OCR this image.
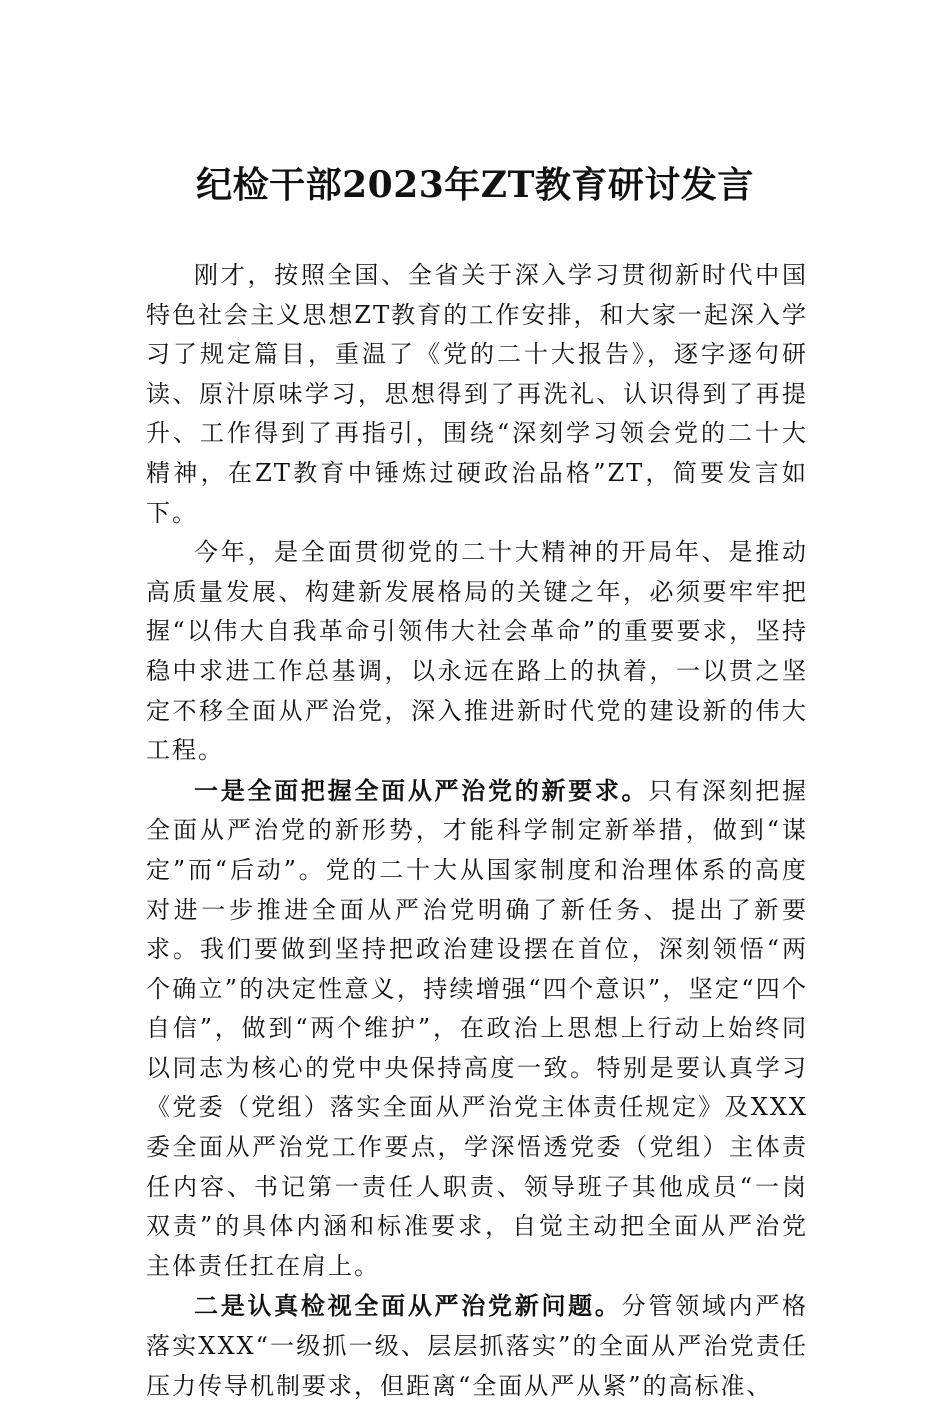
纪检干部2023年ZT教育研讨发言

刚才，按照全国、全省关于深入学习贯彻新时代中国特色社会主义思想ZT教育的工作安排，和大家一起深入学习了规定篇目，重温了《党的二十大报告》，逐字逐句研读、原汁原味学习，思想得到了再洗礼、认识得到了再提升、工作得到了再指引，围绕“深刻学习领会党的二十大精神，在ZT教育中锤炼过硬政治品格”ZT，简要发言如下。

今年，是全面贯彻党的二十大精神的开局年、是推动高质量发展、构建新发展格局的关键之年，必须要牢牢把握“以伟大自我革命引领伟大社会革命”的重要要求，坚持稳中求进工作总基调，以永远在路上的执着，一以贯之坚定不移全面从严治党，深入推进新时代党的建设新的伟大工程。

一是全面把握全面从严治党的新要求。只有深刻把握全面从严治党的新形势，才能科学制定新举措，做到“谋定”而“后动”。党的二十大从国家制度和治理体系的高度对进一步推进全面从严治党明确了新任务、提出了新要求。我们要做到坚持把政治建设摆在首位，深刻领悟“两个确立”的决定性意义，持续增强“四个意识”，坚定“四个自信”，做到“两个维护”，在政治上思想上行动上始终同以同志为核心的党中央保持高度一致。特别是要认真学习《党委（党组）落实全面从严治党主体责任规定》及XXX委全面从严治党工作要点，学深悟透党委（党组）主体责任内容、书记第一责任人职责、领导班子其他成员“一岗双责”的具体内涵和标准要求，自觉主动把全面从严治党主体责任扛在肩上。

二是认真检视全面从严治党新问题。分管领域内严格落实XXX“一级抓一级、层层抓落实”的全面从严治党责任压力传导机制要求，但距离“全面从严从紧”的高标准、
